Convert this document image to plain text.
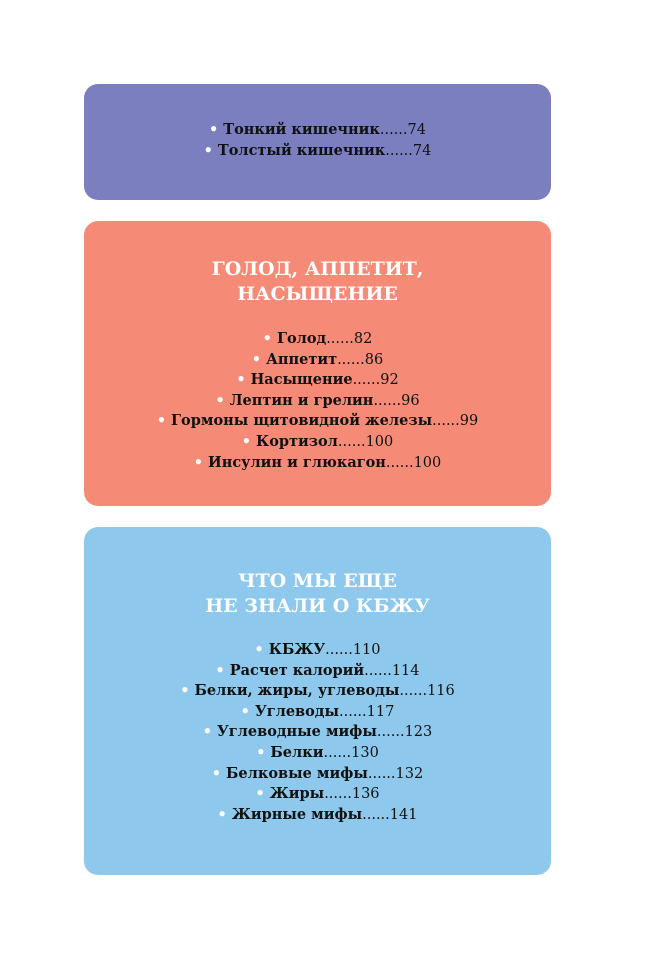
• Тонкий кишечник......74
• Толстый кишечник......74

ГОЛОД, АППЕТИТ,
НАСЫЩЕНИЕ

• Голод......82
• Аппетит......86
• Насыщение......92
• Лептин и грелин......96
• Гормоны щитовидной железы......99
• Кортизол......100
• Инсулин и глюкагон......100

ЧТО МЫ ЕЩЕ
НЕ ЗНАЛИ О КБЖУ

• КБЖУ......110
• Расчет калорий......114
• Белки, жиры, углеводы......116
• Углеводы......117
• Углеводные мифы......123
• Белки......130
• Белковые мифы......132
• Жиры......136
• Жирные мифы......141
